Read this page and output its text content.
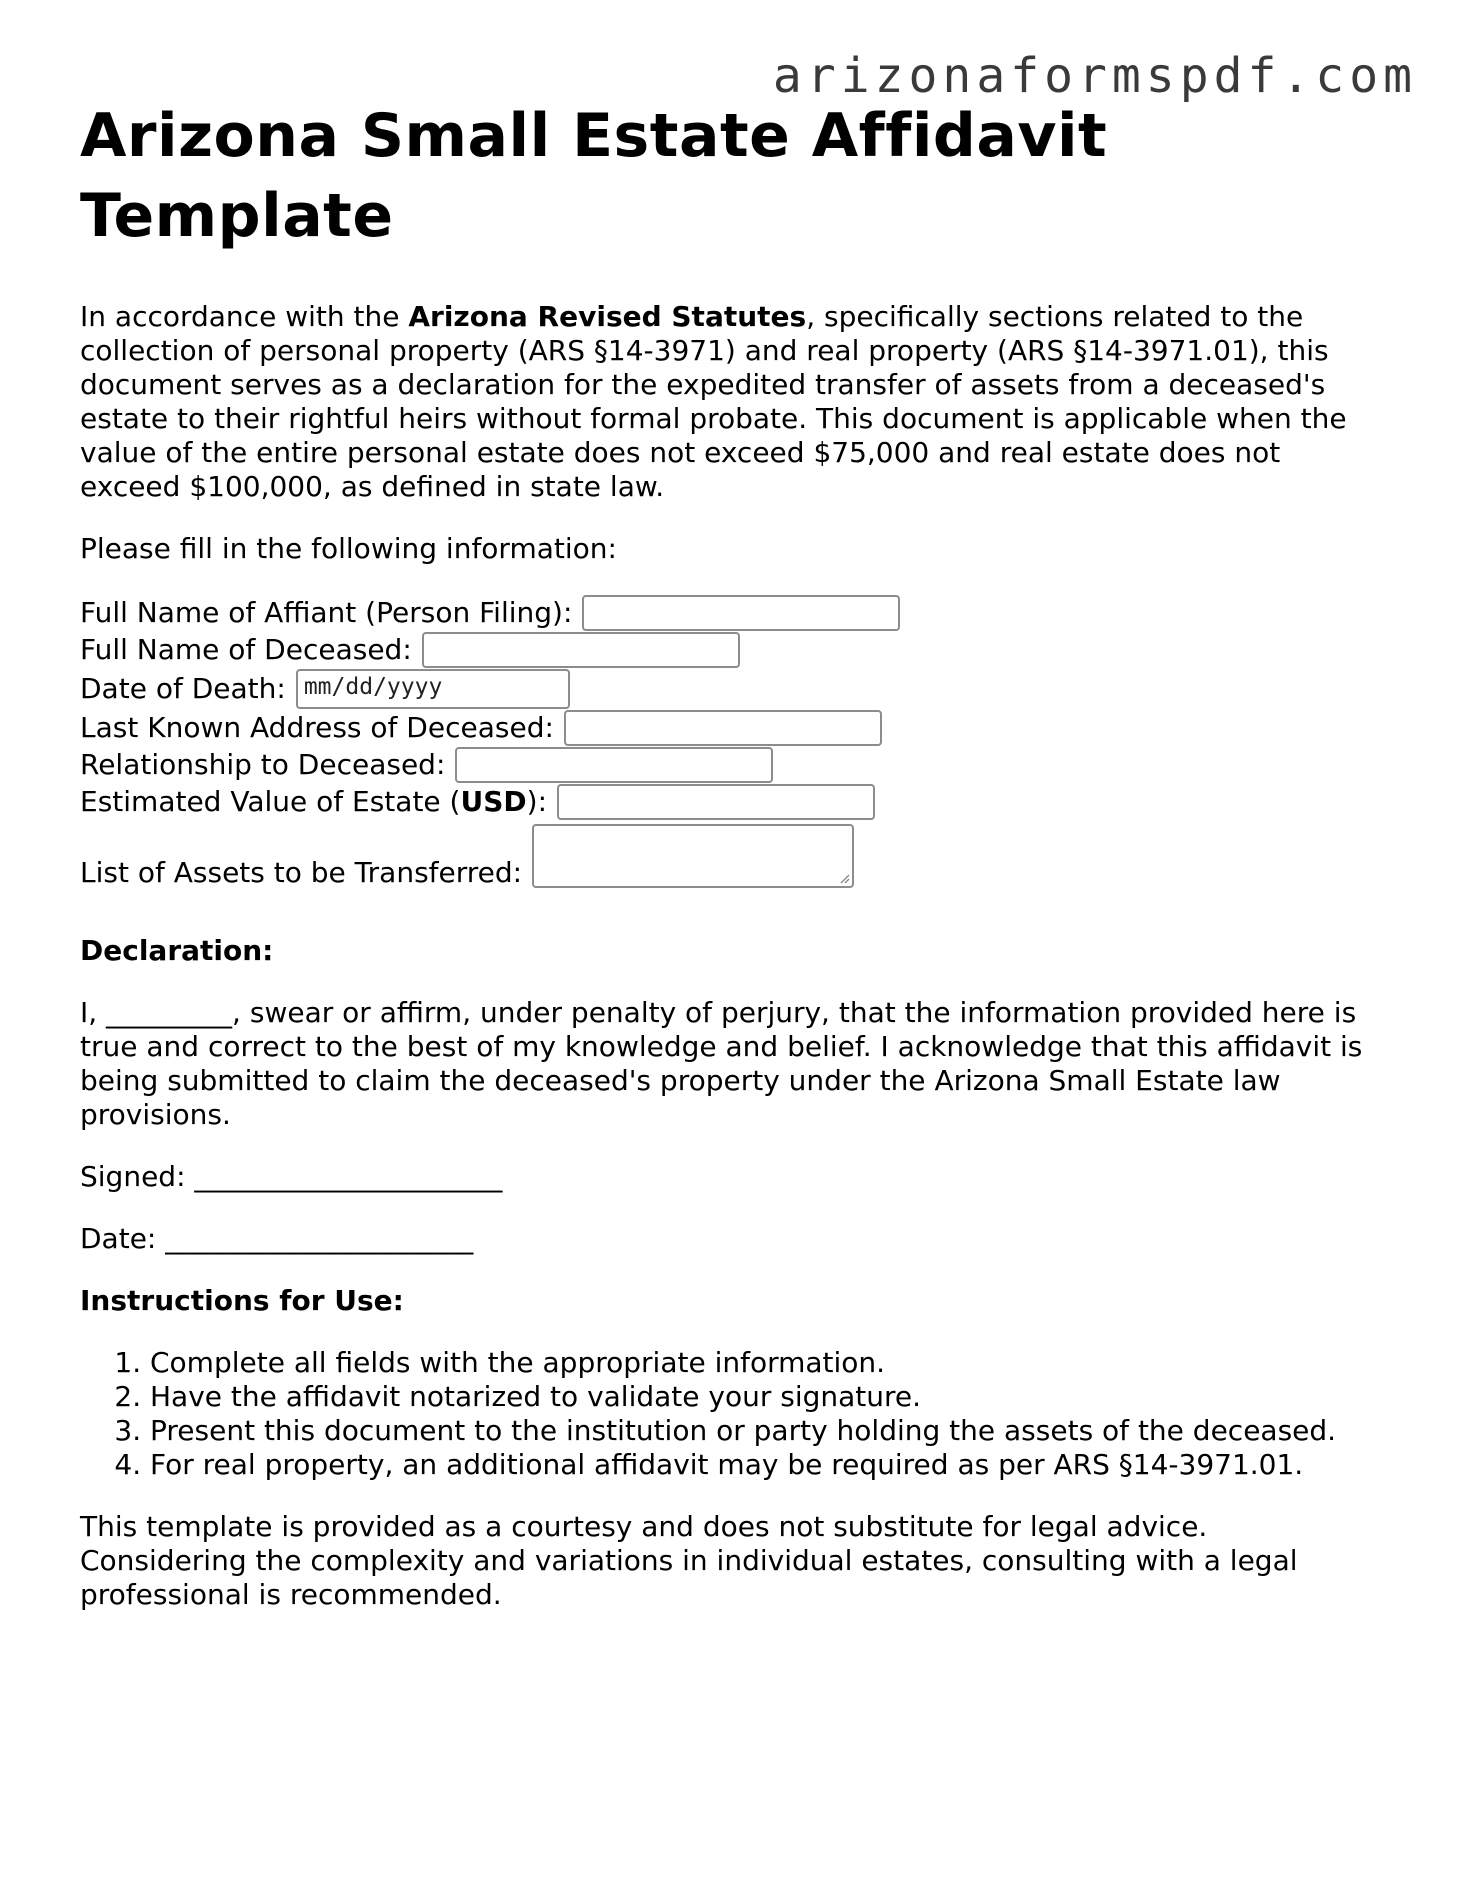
arizonaformspdf.com
Arizona Small Estate Affidavit Template

In accordance with the Arizona Revised Statutes, specifically sections related to the collection of personal property (ARS §14-3971) and real property (ARS §14-3971.01), this document serves as a declaration for the expedited transfer of assets from a deceased's estate to their rightful heirs without formal probate. This document is applicable when the value of the entire personal estate does not exceed $75,000 and real estate does not exceed $100,000, as defined in state law.

Please fill in the following information:

Full Name of Affiant (Person Filing):
Full Name of Deceased:
Date of Death: mm/dd/yyyy
Last Known Address of Deceased:
Relationship to Deceased:
Estimated Value of Estate (USD):
List of Assets to be Transferred:

Declaration:

I, _________, swear or affirm, under penalty of perjury, that the information provided here is true and correct to the best of my knowledge and belief. I acknowledge that this affidavit is being submitted to claim the deceased's property under the Arizona Small Estate law provisions.

Signed: ______________________

Date: ______________________

Instructions for Use:

1. Complete all fields with the appropriate information.
2. Have the affidavit notarized to validate your signature.
3. Present this document to the institution or party holding the assets of the deceased.
4. For real property, an additional affidavit may be required as per ARS §14-3971.01.

This template is provided as a courtesy and does not substitute for legal advice. Considering the complexity and variations in individual estates, consulting with a legal professional is recommended.
